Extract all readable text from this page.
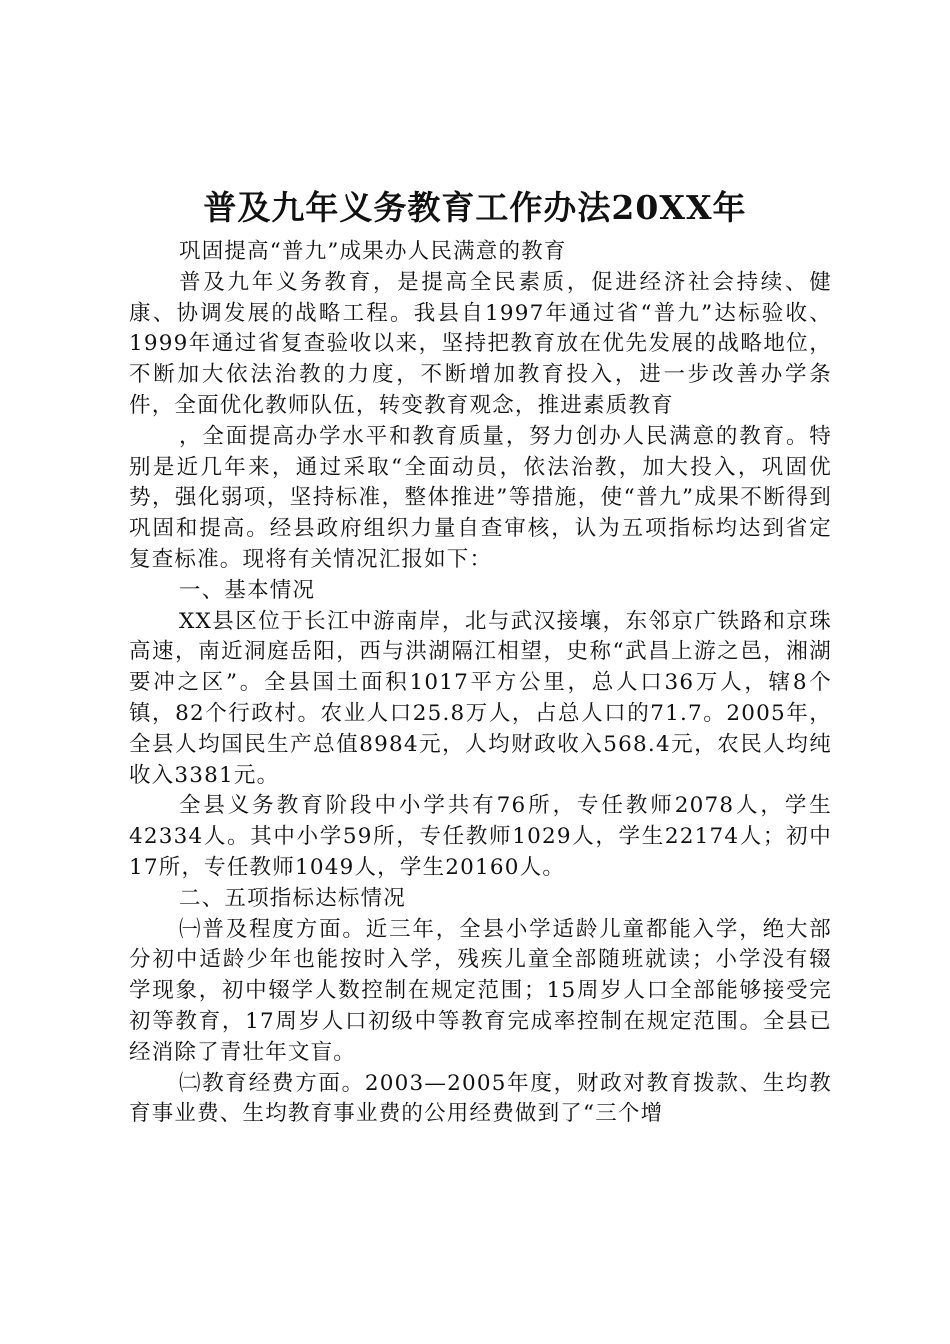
普及九年义务教育工作办法20XX年

巩固提高“普九”成果办人民满意的教育

普及九年义务教育，是提高全民素质，促进经济社会持续、健康、协调发展的战略工程。我县自1997年通过省“普九”达标验收、1999年通过省复查验收以来，坚持把教育放在优先发展的战略地位，不断加大依法治教的力度，不断增加教育投入，进一步改善办学条件，全面优化教师队伍，转变教育观念，推进素质教育

，全面提高办学水平和教育质量，努力创办人民满意的教育。特别是近几年来，通过采取“全面动员，依法治教，加大投入，巩固优势，强化弱项，坚持标准，整体推进”等措施，使“普九”成果不断得到巩固和提高。经县政府组织力量自查审核，认为五项指标均达到省定复查标准。现将有关情况汇报如下：

一、基本情况

XX县区位于长江中游南岸，北与武汉接壤，东邻京广铁路和京珠高速，南近洞庭岳阳，西与洪湖隔江相望，史称“武昌上游之邑，湘湖要冲之区”。全县国土面积1017平方公里，总人口36万人，辖8个镇，82个行政村。农业人口25.8万人，占总人口的71.7。2005年，全县人均国民生产总值8984元，人均财政收入568.4元，农民人均纯收入3381元。

全县义务教育阶段中小学共有76所，专任教师2078人，学生42334人。其中小学59所，专任教师1029人，学生22174人；初中17所，专任教师1049人，学生20160人。

二、五项指标达标情况

㈠普及程度方面。近三年，全县小学适龄儿童都能入学，绝大部分初中适龄少年也能按时入学，残疾儿童全部随班就读；小学没有辍学现象，初中辍学人数控制在规定范围；15周岁人口全部能够接受完初等教育，17周岁人口初级中等教育完成率控制在规定范围。全县已经消除了青壮年文盲。

㈡教育经费方面。2003—2005年度，财政对教育拨款、生均教育事业费、生均教育事业费的公用经费做到了“三个增
